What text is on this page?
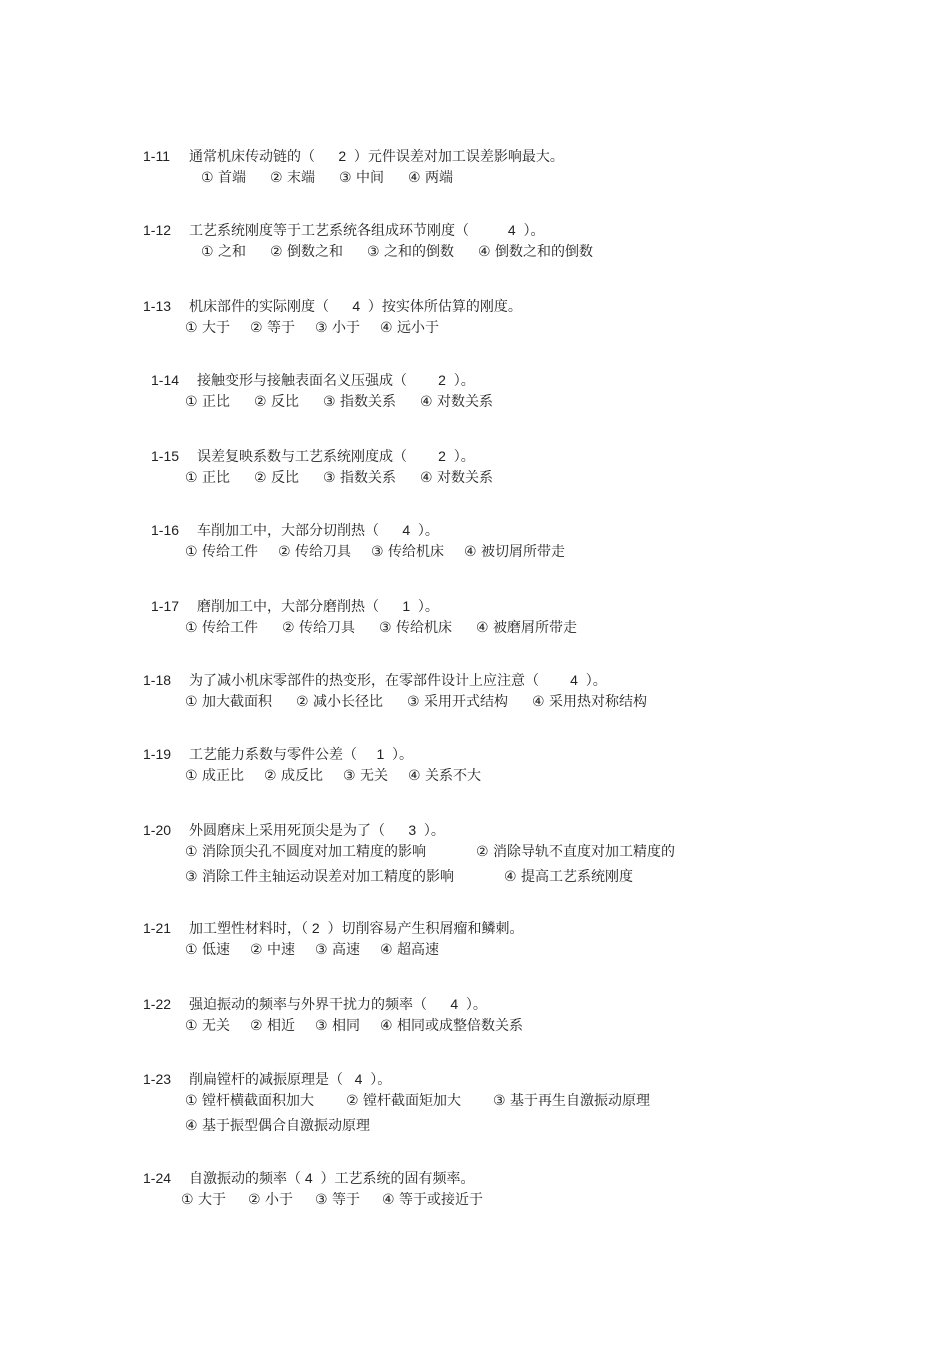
1-11 通常机床传动链的（ 2 ）元件误差对加工误差影响最大。
① 首端 ② 末端 ③ 中间 ④ 两端
1-12 工艺系统刚度等于工艺系统各组成环节刚度（	4 ）。
① 之和 ② 倒数之和 ③ 之和的倒数 ④ 倒数之和的倒数
1-13 机床部件的实际刚度（ 4 ）按实体所估算的刚度。
① 大于 ② 等于 ③ 小于 ④ 远小于
1-14 接触变形与接触表面名义压强成（ 2 ）。
① 正比 ② 反比 ③ 指数关系 ④ 对数关系
1-15 误差复映系数与工艺系统刚度成（ 2 ）。
① 正比 ② 反比 ③ 指数关系 ④ 对数关系
1-16 车削加工中，大部分切削热（ 4 ）。
① 传给工件 ② 传给刀具 ③ 传给机床 ④ 被切屑所带走
1-17 磨削加工中，大部分磨削热（ 1 ）。
① 传给工件 ② 传给刀具 ③ 传给机床 ④ 被磨屑所带走
1-18 为了减小机床零部件的热变形，在零部件设计上应注意（ 4 ）。
① 加大截面积 ② 减小长径比 ③ 采用开式结构 ④ 采用热对称结构
1-19 工艺能力系数与零件公差（ 1 ）。
① 成正比 ② 成反比 ③ 无关 ④ 关系不大
1-20 外圆磨床上采用死顶尖是为了（ 3 ）。
① 消除顶尖孔不圆度对加工精度的影响	② 消除导轨不直度对加工精度的
③ 消除工件主轴运动误差对加工精度的影响	④ 提高工艺系统刚度
1-21 加工塑性材料时，（ 2 ）切削容易产生积屑瘤和鳞刺。
① 低速 ② 中速 ③ 高速 ④ 超高速
1-22 强迫振动的频率与外界干扰力的频率（ 4 ）。
① 无关 ② 相近 ③ 相同 ④ 相同或成整倍数关系
1-23 削扁镗杆的减振原理是（ 4 ）。
① 镗杆横截面积加大 ② 镗杆截面矩加大 ③ 基于再生自激振动原理
④ 基于振型偶合自激振动原理
1-24 自激振动的频率（ 4 ）工艺系统的固有频率。
① 大于 ② 小于 ③ 等于 ④ 等于或接近于
